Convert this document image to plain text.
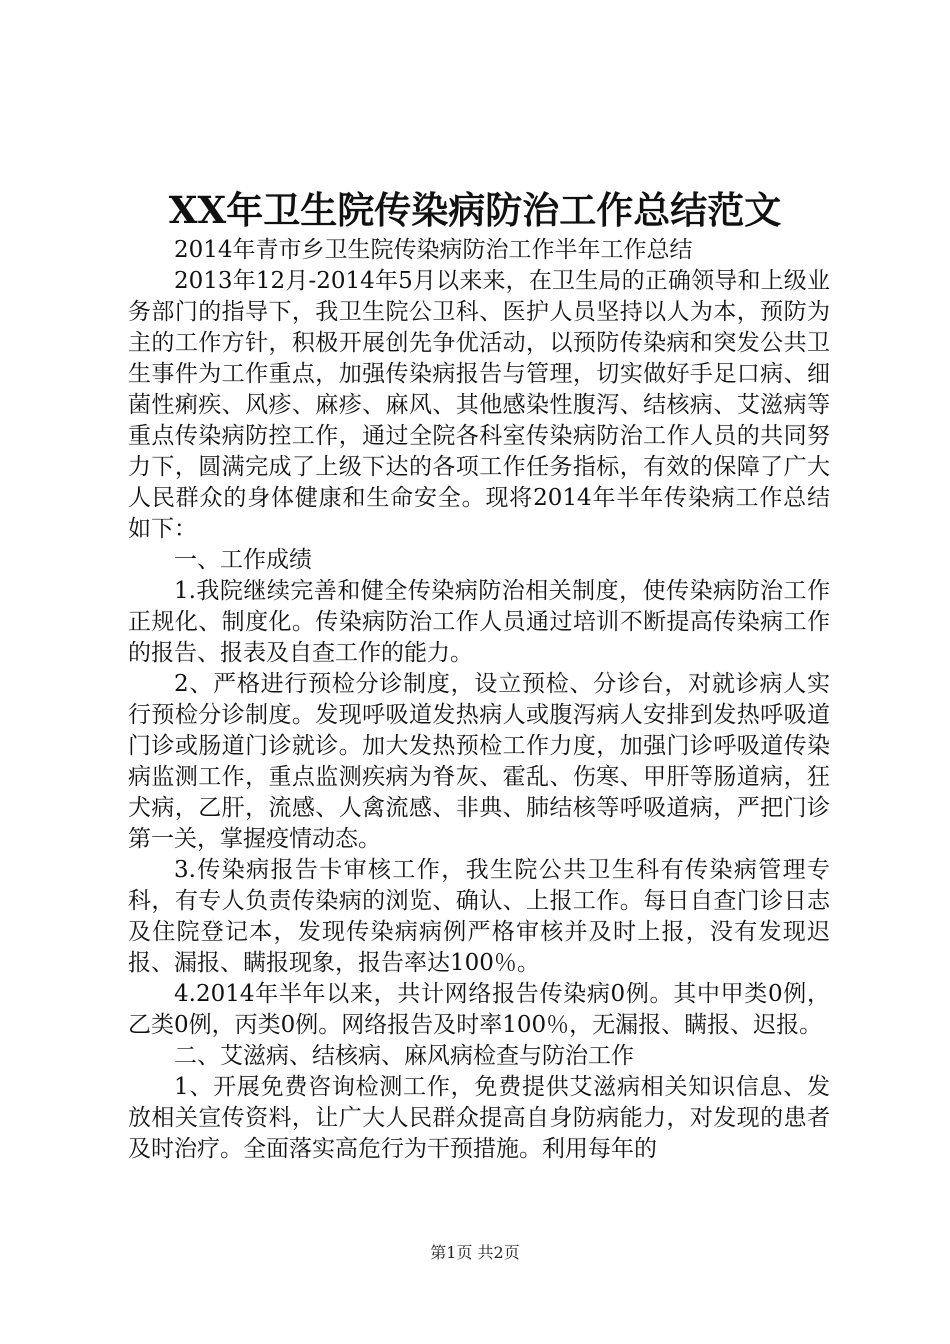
XX年卫生院传染病防治工作总结范文

2014年青市乡卫生院传染病防治工作半年工作总结

2013年12月-2014年5月以来来，在卫生局的正确领导和上级业务部门的指导下，我卫生院公卫科、医护人员坚持以人为本，预防为主的工作方针，积极开展创先争优活动，以预防传染病和突发公共卫生事件为工作重点，加强传染病报告与管理，切实做好手足口病、细菌性痢疾、风疹、麻疹、麻风、其他感染性腹泻、结核病、艾滋病等重点传染病防控工作，通过全院各科室传染病防治工作人员的共同努力下，圆满完成了上级下达的各项工作任务指标，有效的保障了广大人民群众的身体健康和生命安全。现将2014年半年传染病工作总结如下：

一、工作成绩

1.我院继续完善和健全传染病防治相关制度，使传染病防治工作正规化、制度化。传染病防治工作人员通过培训不断提高传染病工作的报告、报表及自查工作的能力。

2、严格进行预检分诊制度，设立预检、分诊台，对就诊病人实行预检分诊制度。发现呼吸道发热病人或腹泻病人安排到发热呼吸道门诊或肠道门诊就诊。加大发热预检工作力度，加强门诊呼吸道传染病监测工作，重点监测疾病为脊灰、霍乱、伤寒、甲肝等肠道病，狂犬病，乙肝，流感、人禽流感、非典、肺结核等呼吸道病，严把门诊第一关，掌握疫情动态。

3.传染病报告卡审核工作，我生院公共卫生科有传染病管理专科，有专人负责传染病的浏览、确认、上报工作。每日自查门诊日志及住院登记本，发现传染病病例严格审核并及时上报，没有发现迟报、漏报、瞒报现象，报告率达100％。

4.2014年半年以来，共计网络报告传染病0例。其中甲类0例，乙类0例，丙类0例。网络报告及时率100％，无漏报、瞒报、迟报。

二、艾滋病、结核病、麻风病检查与防治工作

1、开展免费咨询检测工作，免费提供艾滋病相关知识信息、发放相关宣传资料，让广大人民群众提高自身防病能力，对发现的患者及时治疗。全面落实高危行为干预措施。利用每年的

第1页 共2页
